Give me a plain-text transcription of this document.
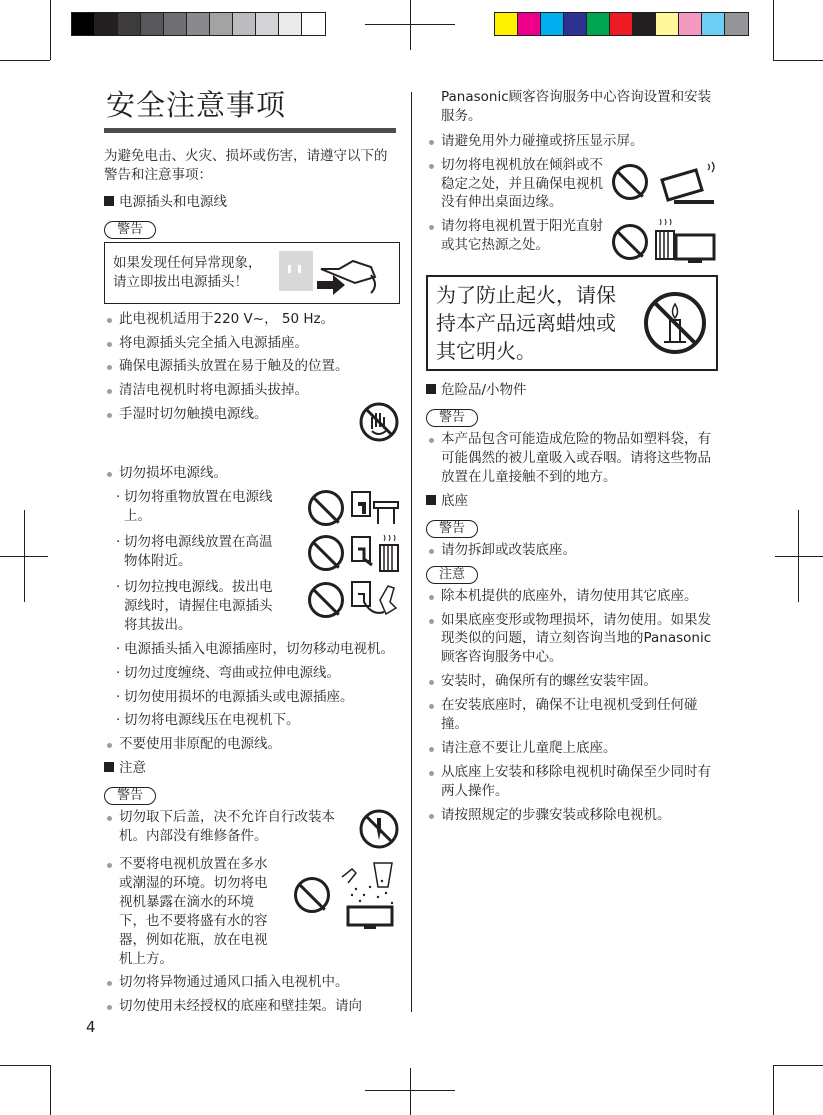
安全注意事项

为避免电击、火灾、损坏或伤害，请遵守以下的警告和注意事项：

电源插头和电源线
警告
如果发现任何异常现象，请立即拔出电源插头！
此电视机适用于220 V~， 50 Hz。
将电源插头完全插入电源插座。
确保电源插头放置在易于触及的位置。
清洁电视机时将电源插头拔掉。
手湿时切勿触摸电源线。
切勿损坏电源线。
· 切勿将重物放置在电源线上。
· 切勿将电源线放置在高温物体附近。
· 切勿拉拽电源线。拔出电源线时，请握住电源插头将其拔出。
· 电源插头插入电源插座时，切勿移动电视机。
· 切勿过度缠绕、弯曲或拉伸电源线。
· 切勿使用损坏的电源插头或电源插座。
· 切勿将电源线压在电视机下。
不要使用非原配的电源线。
注意
警告
切勿取下后盖，决不允许自行改装本机。内部没有维修备件。
不要将电视机放置在多水或潮湿的环境。切勿将电视机暴露在滴水的环境下，也不要将盛有水的容器，例如花瓶，放在电视机上方。
切勿将异物通过通风口插入电视机中。
切勿使用未经授权的底座和壁挂架。请向

Panasonic顾客咨询服务中心咨询设置和安装服务。

请避免用外力碰撞或挤压显示屏。
切勿将电视机放在倾斜或不稳定之处，并且确保电视机没有伸出桌面边缘。
请勿将电视机置于阳光直射或其它热源之处。
为了防止起火，请保持本产品远离蜡烛或其它明火。
危险品/小物件
警告
本产品包含可能造成危险的物品如塑料袋，有可能偶然的被儿童吸入或吞咽。请将这些物品放置在儿童接触不到的地方。
底座
警告
请勿拆卸或改装底座。
注意
除本机提供的底座外，请勿使用其它底座。
如果底座变形或物理损坏，请勿使用。如果发现类似的问题，请立刻咨询当地的Panasonic顾客咨询服务中心。
安装时，确保所有的螺丝安装牢固。
在安装底座时，确保不让电视机受到任何碰撞。
请注意不要让儿童爬上底座。
从底座上安装和移除电视机时确保至少同时有两人操作。
请按照规定的步骤安装或移除电视机。
4
